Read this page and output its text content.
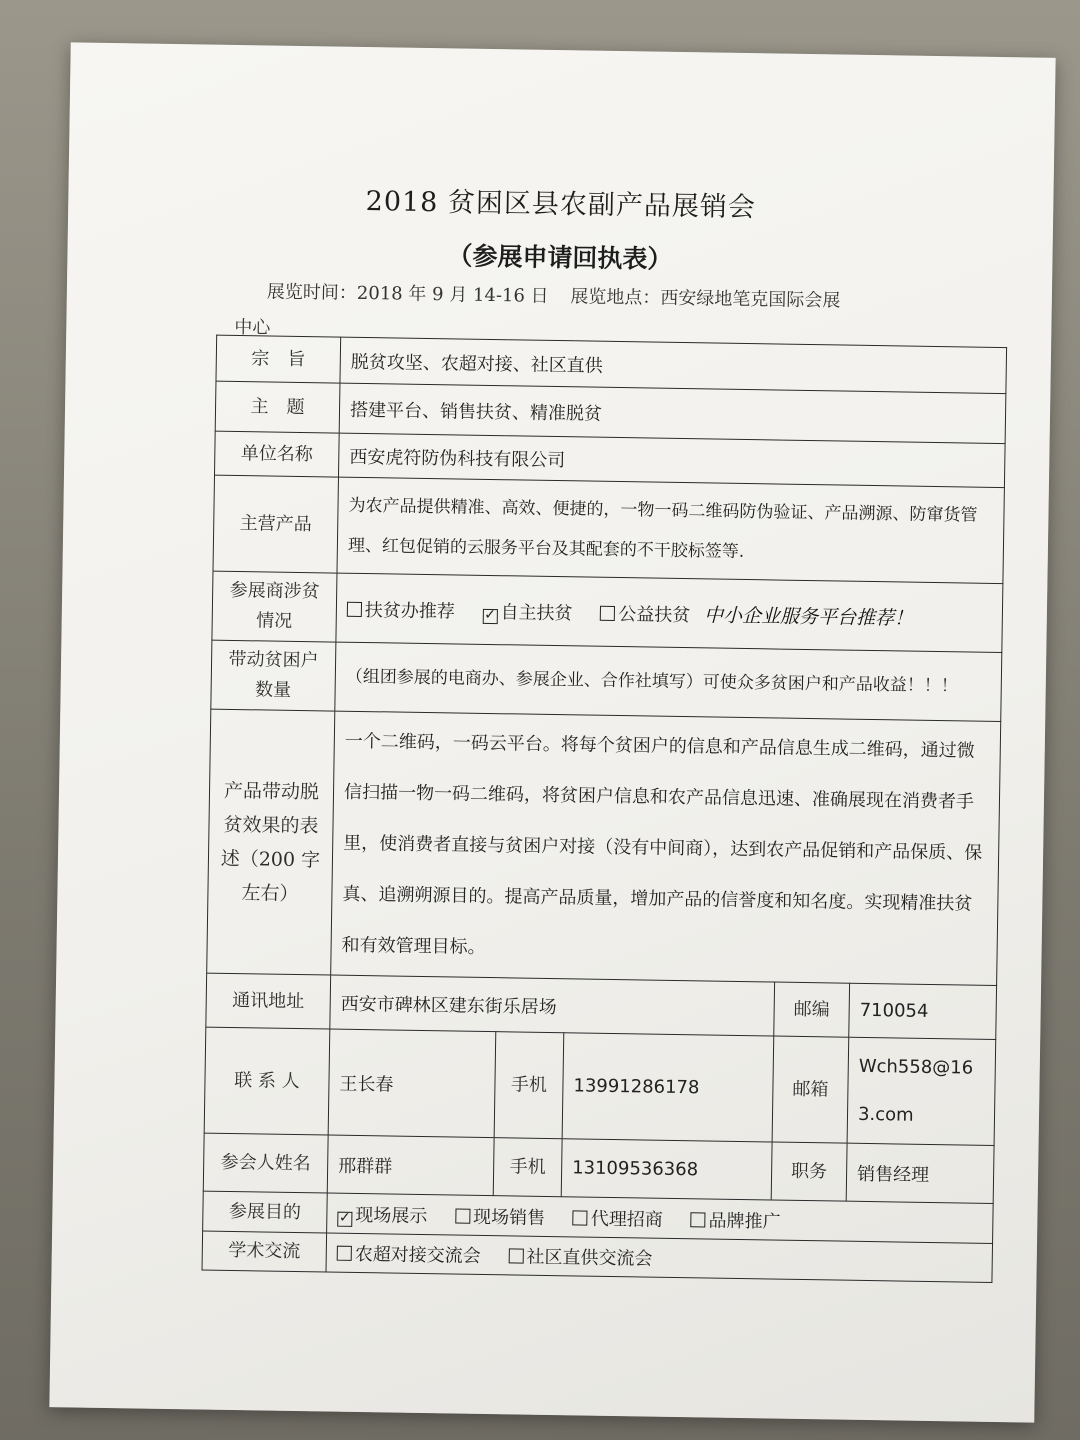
2018 贫困区县农副产品展销会
（参展申请回执表）
展览时间：2018 年 9 月 14-16 日 展览地点：西安绿地笔克国际会展
中心
宗　旨	脱贫攻坚、农超对接、社区直供				
主　题	搭建平台、销售扶贫、精准脱贫				
单位名称	西安虎符防伪科技有限公司				
主营产品	为农产品提供精准、高效、便捷的，一物一码二维码防伪验证、产品溯源、防窜货管理、红包促销的云服务平台及其配套的不干胶标签等.				
参展商涉贫情况	扶贫办推荐 ✓ 自主扶贫 公益扶贫 中小企业服务平台推荐！				
带动贫困户数量	（组团参展的电商办、参展企业、合作社填写）可使众多贫困户和产品收益！！！				
产品带动脱贫效果的表述（200 字左右）	一个二维码，一码云平台。将每个贫困户的信息和产品信息生成二维码，通过微信扫描一物一码二维码，将贫困户信息和农产品信息迅速、准确展现在消费者手里，使消费者直接与贫困户对接（没有中间商），达到农产品促销和产品保质、保真、追溯朔源目的。提高产品质量，增加产品的信誉度和知名度。实现精准扶贫和有效管理目标。				
通讯地址	西安市碑林区建东街乐居场			邮编	710054
联 系 人	王长春	手机	13991286178	邮箱	Wch558@163.com
参会人姓名	邢群群	手机	13109536368	职务	销售经理
参展目的	✓ 现场展示 现场销售 代理招商 品牌推广				
学术交流	农超对接交流会 社区直供交流会				
